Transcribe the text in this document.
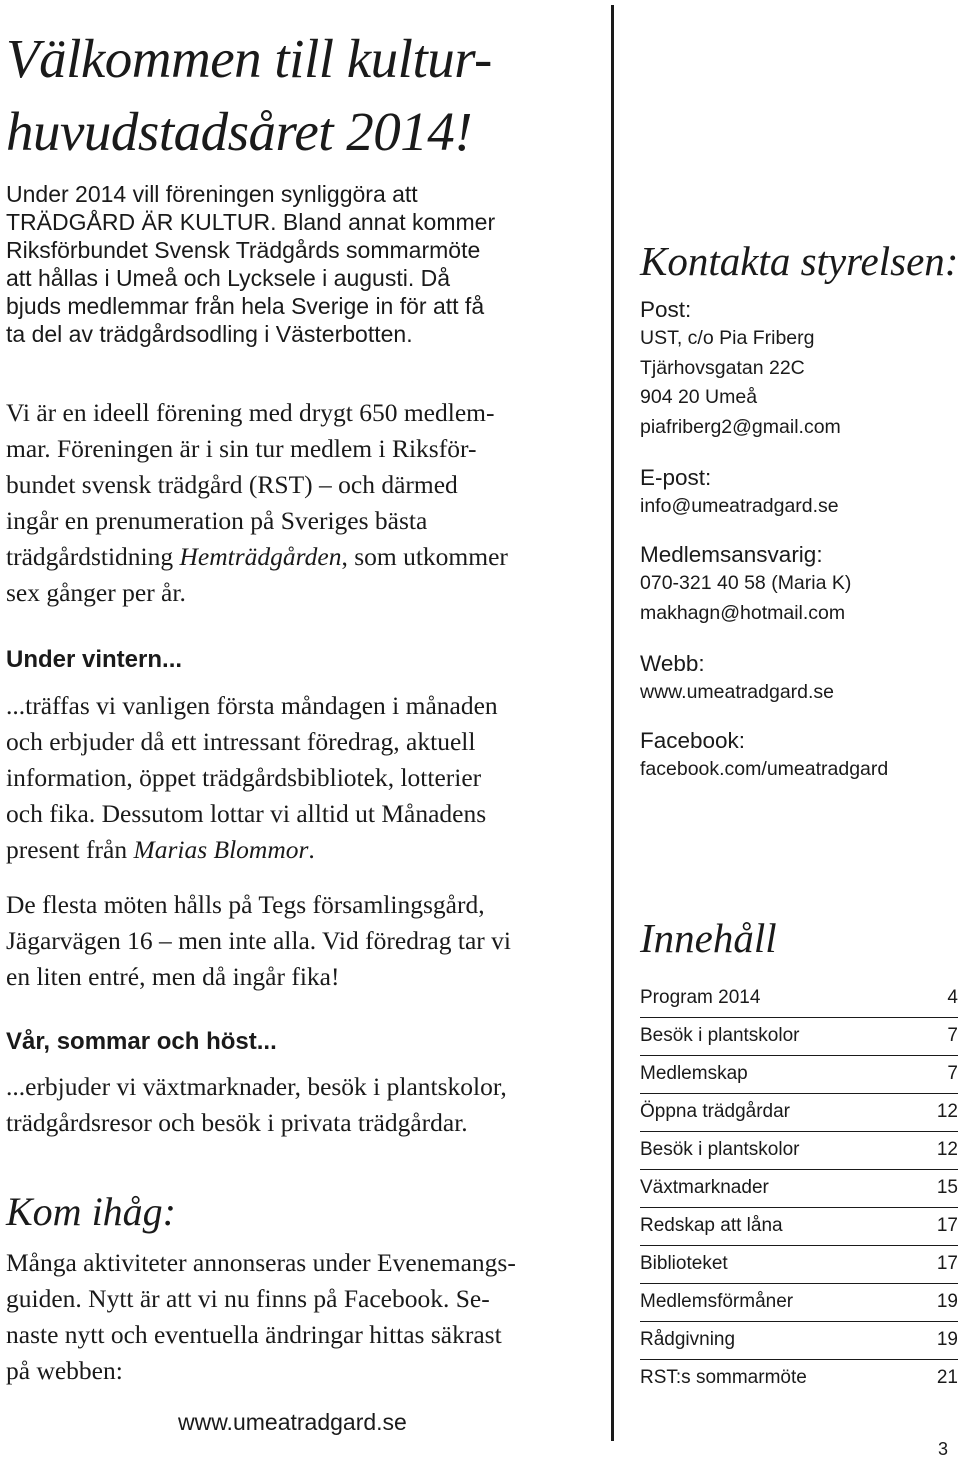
Välkommen till kultur-
huvudstadsåret 2014!

Under 2014 vill föreningen synliggöra att
TRÄDGÅRD ÄR KULTUR. Bland annat kommer
Riksförbundet Svensk Trädgårds sommarmöte
att hållas i Umeå och Lycksele i augusti. Då
bjuds medlemmar från hela Sverige in för att få
ta del av trädgårdsodling i Västerbotten.

Vi är en ideell förening med drygt 650 medlem-
mar. Föreningen är i sin tur medlem i Riksför-
bundet svensk trädgård (RST) – och därmed
ingår en prenumeration på Sveriges bästa
trädgårdstidning Hemträdgården, som utkommer
sex gånger per år.

Under vintern...

...träffas vi vanligen första måndagen i månaden
och erbjuder då ett intressant föredrag, aktuell
information, öppet trädgårdsbibliotek, lotterier
och fika. Dessutom lottar vi alltid ut Månadens
present från Marias Blommor.

De flesta möten hålls på Tegs församlingsgård,
Jägarvägen 16 – men inte alla. Vid föredrag tar vi
en liten entré, men då ingår fika!

Vår, sommar och höst...

...erbjuder vi växtmarknader, besök i plantskolor,
trädgårdsresor och besök i privata trädgårdar.

Kom ihåg:

Många aktiviteter annonseras under Evenemangs-
guiden. Nytt är att vi nu finns på Facebook. Se-
naste nytt och eventuella ändringar hittas säkrast
på webben:

www.umeatradgard.se
Kontakta styrelsen:

Post:

UST, c/o Pia Friberg

Tjärhovsgatan 22C

904 20 Umeå

piafriberg2@gmail.com

E-post:

info@umeatradgard.se

Medlemsansvarig:

070-321 40 58 (Maria K)

makhagn@hotmail.com

Webb:

www.umeatradgard.se

Facebook:

facebook.com/umeatradgard

Innehåll
Program 2014	4
Besök i plantskolor	7
Medlemskap	7
Öppna trädgårdar	12
Besök i plantskolor	12
Växtmarknader	15
Redskap att låna	17
Biblioteket	17
Medlemsförmåner	19
Rådgivning	19
RST:s sommarmöte	21
3
